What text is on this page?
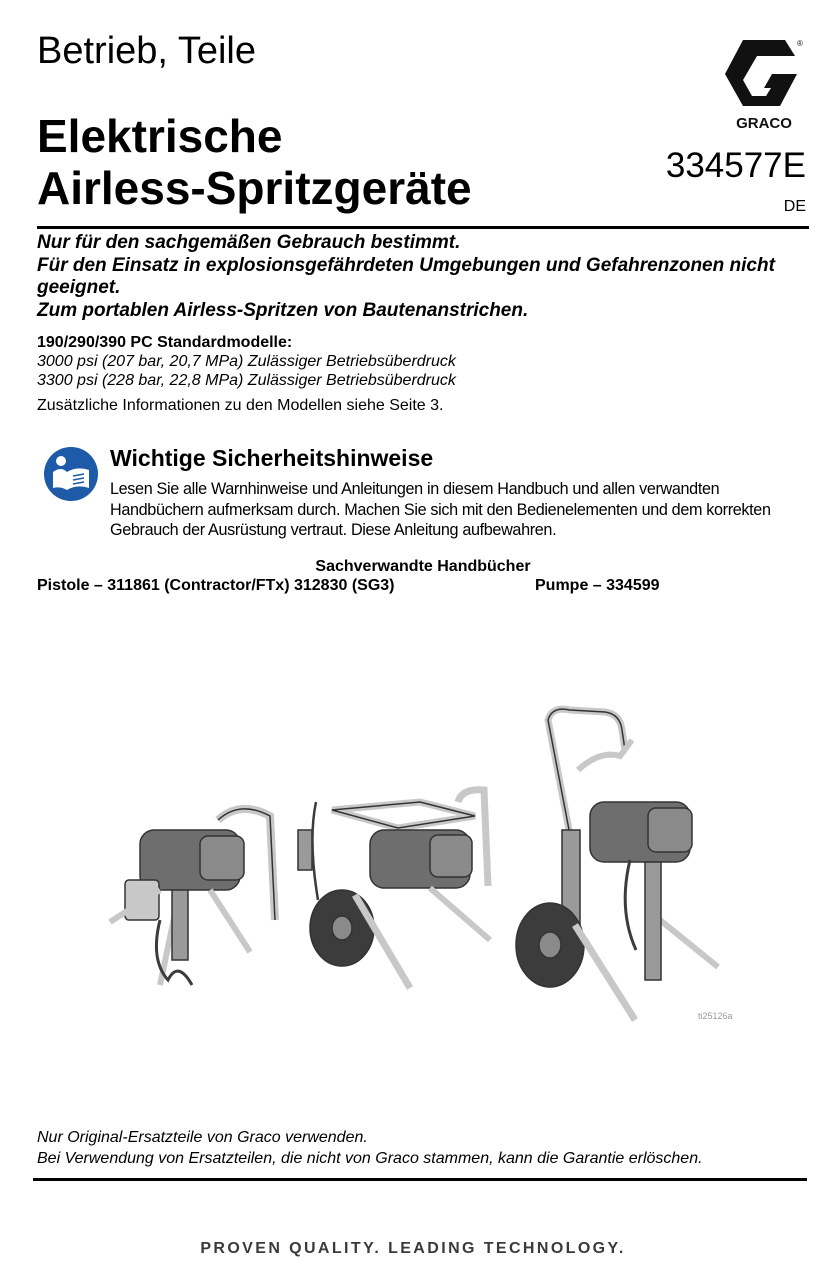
Betrieb, Teile
Elektrische
Airless-Spritzgeräte
®
GRACO
334577E
DE
Nur für den sachgemäßen Gebrauch bestimmt.
Für den Einsatz in explosionsgefährdeten Umgebungen und Gefahrenzonen nicht geeignet.
Zum portablen Airless-Spritzen von Bautenanstrichen.
190/290/390 PC Standardmodelle:
3000 psi (207 bar, 20,7 MPa) Zulässiger Betriebsüberdruck
3300 psi (228 bar, 22,8 MPa) Zulässiger Betriebsüberdruck
Zusätzliche Informationen zu den Modellen siehe Seite 3.
Wichtige Sicherheitshinweise
Lesen Sie alle Warnhinweise und Anleitungen in diesem Handbuch und allen verwandten Handbüchern aufmerksam durch. Machen Sie sich mit den Bedienelementen und dem korrekten Gebrauch der Ausrüstung vertraut. Diese Anleitung aufbewahren.
Sachverwandte Handbücher
Pistole – 311861 (Contractor/FTx) 312830 (SG3)	Pumpe – 334599
ti25126a
Nur Original-Ersatzteile von Graco verwenden.
Bei Verwendung von Ersatzteilen, die nicht von Graco stammen, kann die Garantie erlöschen.
PROVEN QUALITY. LEADING TECHNOLOGY.
